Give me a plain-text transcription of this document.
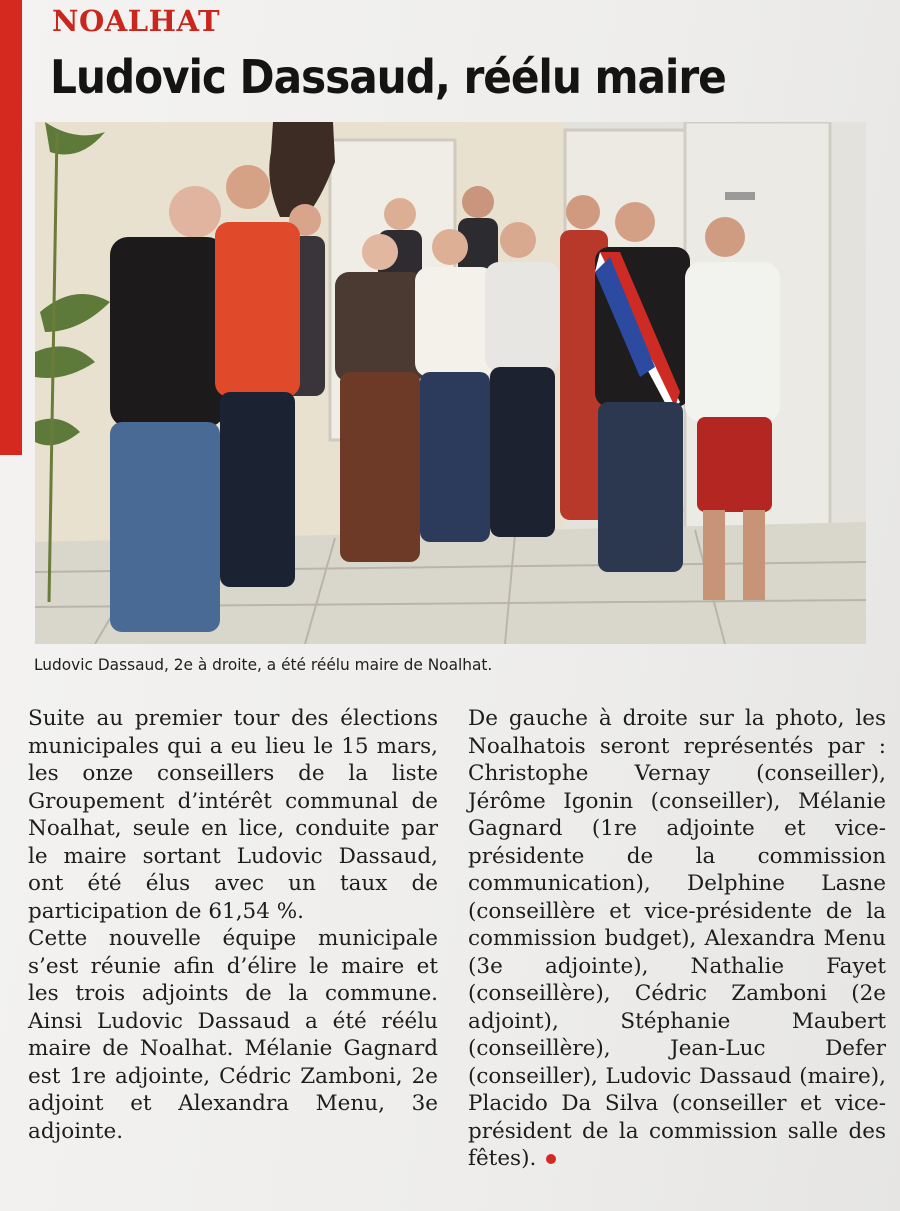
NOALHAT
Ludovic Dassaud, réélu maire
Ludovic Dassaud, 2e à droite, a été réélu maire de Noalhat.

Suite au premier tour des élections municipales qui a eu lieu le 15 mars, les onze conseillers de la liste Groupement d’intérêt communal de Noalhat, seule en lice, conduite par le maire sortant Ludovic Dassaud, ont été élus avec un taux de participation de 61,54 %.

Cette nouvelle équipe municipale s’est réunie afin d’élire le maire et les trois adjoints de la commune. Ainsi Ludovic Dassaud a été réélu maire de Noalhat. Mélanie Gagnard est 1re adjointe, Cédric Zamboni, 2e adjoint et Alexandra Menu, 3e adjointe.

De gauche à droite sur la photo, les Noalhatois seront représentés par : Christophe Vernay (conseiller), Jérôme Igonin (conseiller), Mélanie Gagnard (1re adjointe et vice-présidente de la commission communication), Delphine Lasne (conseillère et vice-présidente de la commission budget), Alexandra Menu (3e adjointe), Nathalie Fayet (conseillère), Cédric Zamboni (2e adjoint), Stéphanie Maubert (conseillère), Jean-Luc Defer (conseiller), Ludovic Dassaud (maire), Placido Da Silva (conseiller et vice-président de la commission salle des fêtes).
